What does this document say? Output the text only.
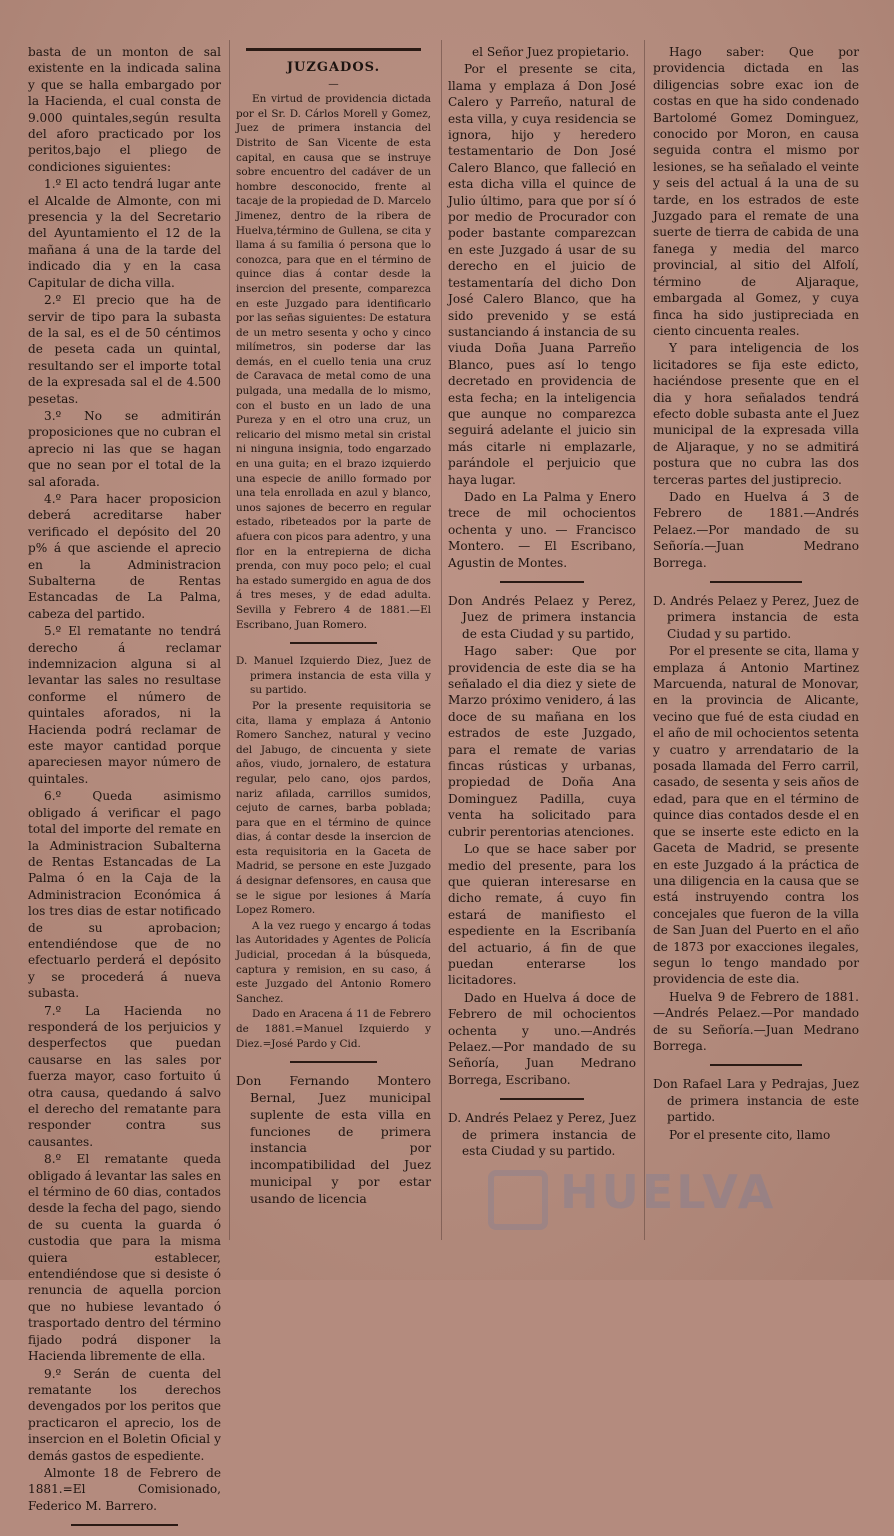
basta de un monton de sal existente en la indicada salina y que se halla embargado por la Hacienda, el cual consta de 9.000 quintales,según resulta del aforo practicado por los peritos,bajo el pliego de condiciones siguientes:

1.º El acto tendrá lugar ante el Alcalde de Almonte, con mi presencia y la del Secretario del Ayuntamiento el 12 de la mañana á una de la tarde del indicado dia y en la casa Capitular de dicha villa.

2.º El precio que ha de servir de tipo para la subasta de la sal, es el de 50 céntimos de peseta cada un quintal, resultando ser el importe total de la expresada sal el de 4.500 pesetas.

3.º No se admitirán proposiciones que no cubran el aprecio ni las que se hagan que no sean por el total de la sal aforada.

4.º Para hacer proposicion deberá acreditarse haber verificado el depósito del 20 p% á que asciende el aprecio en la Administracion Subalterna de Rentas Estancadas de La Palma, cabeza del partido.

5.º El rematante no tendrá derecho á reclamar indemnizacion alguna si al levantar las sales no resultase conforme el número de quintales aforados, ni la Hacienda podrá reclamar de este mayor cantidad porque apareciesen mayor número de quintales.

6.º Queda asimismo obligado á verificar el pago total del importe del remate en la Administracion Subalterna de Rentas Estancadas de La Palma ó en la Caja de la Administracion Económica á los tres dias de estar notificado de su aprobacion; entendiéndose que de no efectuarlo perderá el depósito y se procederá á nueva subasta.

7.º La Hacienda no responderá de los perjuicios y desperfectos que puedan causarse en las sales por fuerza mayor, caso fortuito ú otra causa, quedando á salvo el derecho del rematante para responder contra sus causantes.

8.º El rematante queda obligado á levantar las sales en el término de 60 dias, contados desde la fecha del pago, siendo de su cuenta la guarda ó custodia que para la misma quiera establecer, entendiéndose que si desiste ó renuncia de aquella porcion que no hubiese levantado ó trasportado dentro del término fijado podrá disponer la Hacienda libremente de ella.

9.º Serán de cuenta del rematante los derechos devengados por los peritos que practicaron el aprecio, los de insercion en el Boletin Oficial y demás gastos de espediente.

Almonte 18 de Febrero de 1881.=El Comisionado, Federico M. Barrero.

JUZGADOS.

—

En virtud de providencia dictada por el Sr. D. Cárlos Morell y Gomez, Juez de primera instancia del Distrito de San Vicente de esta capital, en causa que se instruye sobre encuentro del cadáver de un hombre desconocido, frente al tacaje de la propiedad de D. Marcelo Jimenez, dentro de la ribera de Huelva,término de Gullena, se cita y llama á su familia ó persona que lo conozca, para que en el término de quince dias á contar desde la insercion del presente, comparezca en este Juzgado para identificarlo por las señas siguientes: De estatura de un metro sesenta y ocho y cinco milímetros, sin poderse dar las demás, en el cuello tenia una cruz de Caravaca de metal como de una pulgada, una medalla de lo mismo, con el busto en un lado de una Pureza y en el otro una cruz, un relicario del mismo metal sin cristal ni ninguna insignia, todo engarzado en una guita; en el brazo izquierdo una especie de anillo formado por una tela enrollada en azul y blanco, unos sajones de becerro en regular estado, ribeteados por la parte de afuera con picos para adentro, y una flor en la entrepierna de dicha prenda, con muy poco pelo; el cual ha estado sumergido en agua de dos á tres meses, y de edad adulta. Sevilla y Febrero 4 de 1881.—El Escribano, Juan Romero.

D. Manuel Izquierdo Diez, Juez de primera instancia de esta villa y su partido.

Por la presente requisitoria se cita, llama y emplaza á Antonio Romero Sanchez, natural y vecino del Jabugo, de cincuenta y siete años, viudo, jornalero, de estatura regular, pelo cano, ojos pardos, nariz afilada, carrillos sumidos, cejuto de carnes, barba poblada; para que en el término de quince dias, á contar desde la insercion de esta requisitoria en la Gaceta de Madrid, se persone en este Juzgado á designar defensores, en causa que se le sigue por lesiones á María Lopez Romero.

A la vez ruego y encargo á todas las Autoridades y Agentes de Policía Judicial, procedan á la búsqueda, captura y remision, en su caso, á este Juzgado del Antonio Romero Sanchez.

Dado en Aracena á 11 de Febrero de 1881.=Manuel Izquierdo y Diez.=José Pardo y Cid.

Don Fernando Montero Bernal, Juez municipal suplente de esta villa en funciones de primera instancia por incompatibilidad del Juez municipal y por estar usando de licencia

el Señor Juez propietario.

Por el presente se cita, llama y emplaza á Don José Calero y Parreño, natural de esta villa, y cuya residencia se ignora, hijo y heredero testamentario de Don José Calero Blanco, que falleció en esta dicha villa el quince de Julio último, para que por sí ó por medio de Procurador con poder bastante comparezcan en este Juzgado á usar de su derecho en el juicio de testamentaría del dicho Don José Calero Blanco, que ha sido prevenido y se está sustanciando á instancia de su viuda Doña Juana Parreño Blanco, pues así lo tengo decretado en providencia de esta fecha; en la inteligencia que aunque no comparezca seguirá adelante el juicio sin más citarle ni emplazarle, parándole el perjuicio que haya lugar.

Dado en La Palma y Enero trece de mil ochocientos ochenta y uno. — Francisco Montero. — El Escribano, Agustin de Montes.

Don Andrés Pelaez y Perez, Juez de primera instancia de esta Ciudad y su partido,

Hago saber: Que por providencia de este dia se ha señalado el dia diez y siete de Marzo próximo venidero, á las doce de su mañana en los estrados de este Juzgado, para el remate de varias fincas rústicas y urbanas, propiedad de Doña Ana Dominguez Padilla, cuya venta ha solicitado para cubrir perentorias atenciones.

Lo que se hace saber por medio del presente, para los que quieran interesarse en dicho remate, á cuyo fin estará de manifiesto el espediente en la Escribanía del actuario, á fin de que puedan enterarse los licitadores.

Dado en Huelva á doce de Febrero de mil ochocientos ochenta y uno.—Andrés Pelaez.—Por mandado de su Señoría, Juan Medrano Borrega, Escribano.

D. Andrés Pelaez y Perez, Juez de primera instancia de esta Ciudad y su partido.

Hago saber: Que por providencia dictada en las diligencias sobre exac ion de costas en que ha sido condenado Bartolomé Gomez Dominguez, conocido por Moron, en causa seguida contra el mismo por lesiones, se ha señalado el veinte y seis del actual á la una de su tarde, en los estrados de este Juzgado para el remate de una suerte de tierra de cabida de una fanega y media del marco provincial, al sitio del Alfolí, término de Aljaraque, embargada al Gomez, y cuya finca ha sido justipreciada en ciento cincuenta reales.

Y para inteligencia de los licitadores se fija este edicto, haciéndose presente que en el dia y hora señalados tendrá efecto doble subasta ante el Juez municipal de la expresada villa de Aljaraque, y no se admitirá postura que no cubra las dos terceras partes del justiprecio.

Dado en Huelva á 3 de Febrero de 1881.—Andrés Pelaez.—Por mandado de su Señoría.—Juan Medrano Borrega.

D. Andrés Pelaez y Perez, Juez de primera instancia de esta Ciudad y su partido.

Por el presente se cita, llama y emplaza á Antonio Martinez Marcuenda, natural de Monovar, en la provincia de Alicante, vecino que fué de esta ciudad en el año de mil ochocientos setenta y cuatro y arrendatario de la posada llamada del Ferro carril, casado, de sesenta y seis años de edad, para que en el término de quince dias contados desde el en que se inserte este edicto en la Gaceta de Madrid, se presente en este Juzgado á la práctica de una diligencia en la causa que se está instruyendo contra los concejales que fueron de la villa de San Juan del Puerto en el año de 1873 por exacciones ilegales, segun lo tengo mandado por providencia de este dia.

Huelva 9 de Febrero de 1881.—Andrés Pelaez.—Por mandado de su Señoría.—Juan Medrano Borrega.

Don Rafael Lara y Pedrajas, Juez de primera instancia de este partido.

Por el presente cito, llamo

HUELVA
